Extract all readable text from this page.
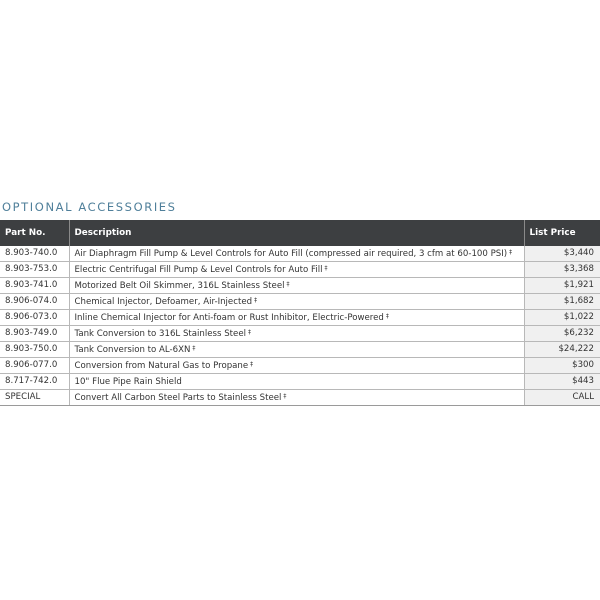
OPTIONAL ACCESSORIES
Part No.	Description	List Price
8.903-740.0	Air Diaphragm Fill Pump & Level Controls for Auto Fill (compressed air required, 3 cfm at 60-100 PSI) ‡	$3,440
8.903-753.0	Electric Centrifugal Fill Pump & Level Controls for Auto Fill ‡	$3,368
8.903-741.0	Motorized Belt Oil Skimmer, 316L Stainless Steel ‡	$1,921
8.906-074.0	Chemical Injector, Defoamer, Air-Injected ‡	$1,682
8.906-073.0	Inline Chemical Injector for Anti-foam or Rust Inhibitor, Electric-Powered ‡	$1,022
8.903-749.0	Tank Conversion to 316L Stainless Steel ‡	$6,232
8.903-750.0	Tank Conversion to AL-6XN ‡	$24,222
8.906-077.0	Conversion from Natural Gas to Propane ‡	$300
8.717-742.0	10" Flue Pipe Rain Shield	$443
SPECIAL	Convert All Carbon Steel Parts to Stainless Steel ‡	CALL
